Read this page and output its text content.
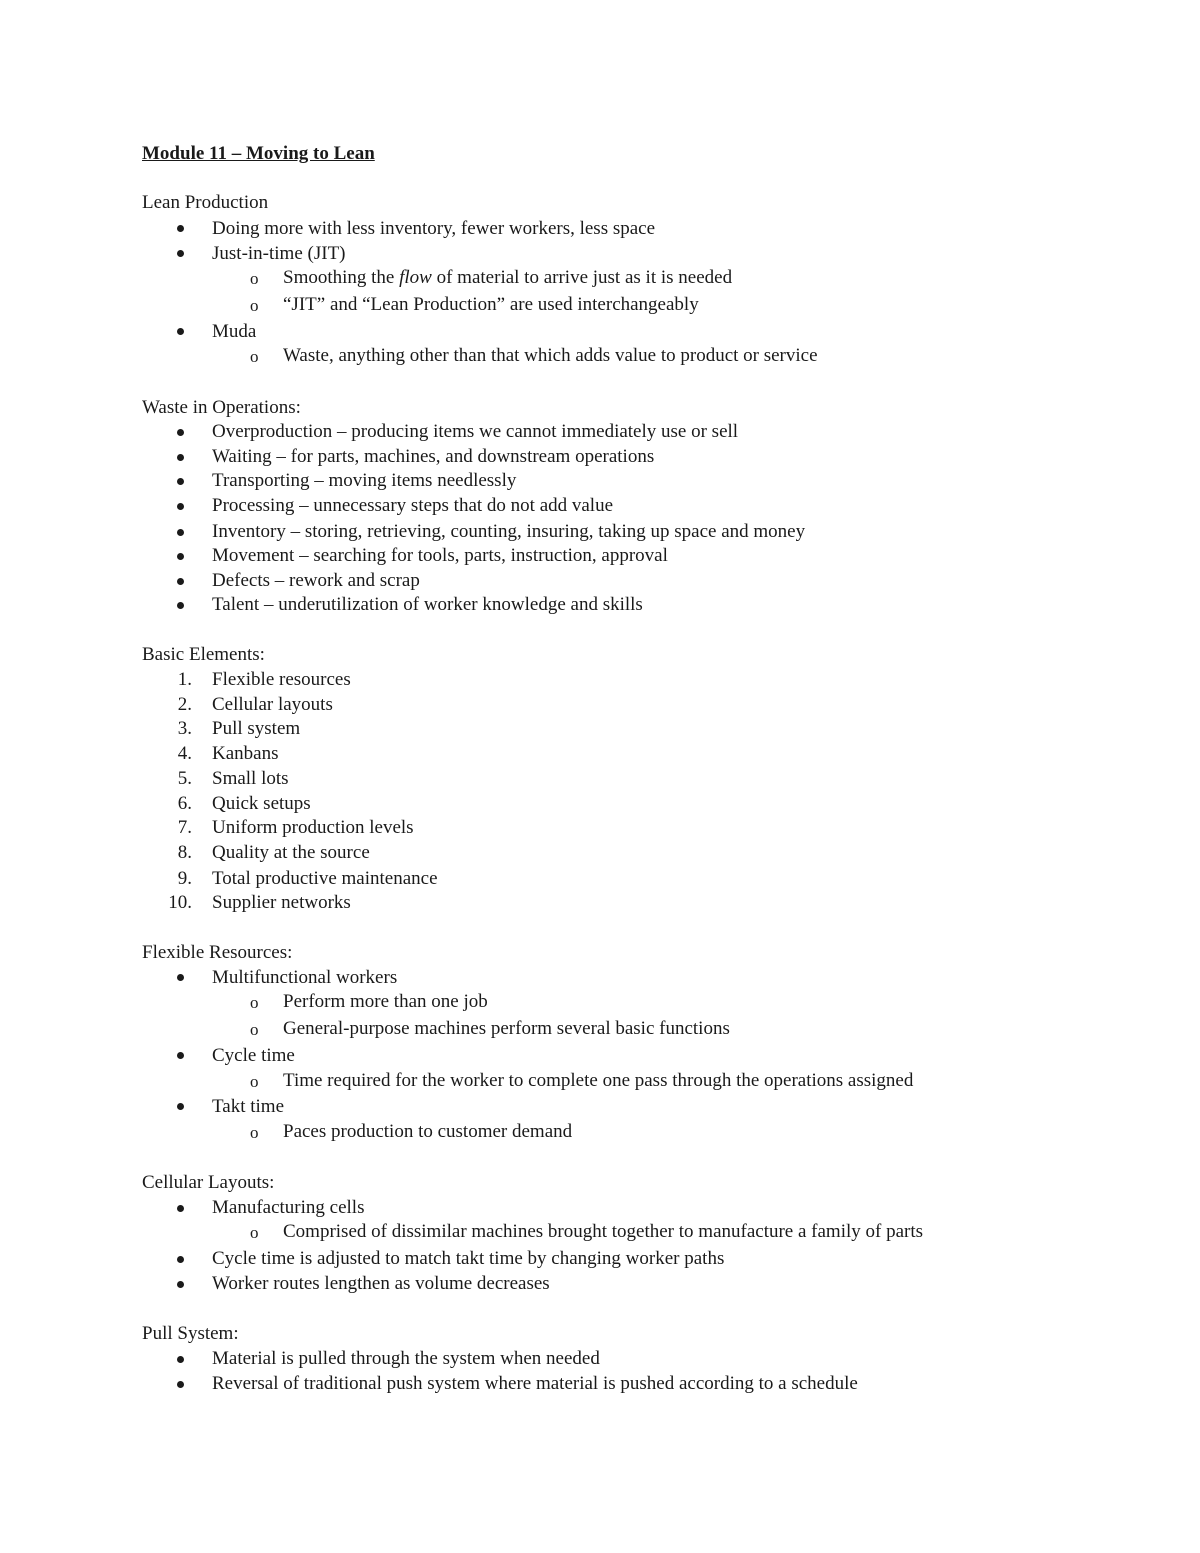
Module 11 – Moving to Lean
Lean Production
Doing more with less inventory, fewer workers, less space
Just-in-time (JIT)
o Smoothing the flow of material to arrive just as it is needed
o “JIT” and “Lean Production” are used interchangeably
Muda
o Waste, anything other than that which adds value to product or service
Waste in Operations:
Overproduction – producing items we cannot immediately use or sell
Waiting – for parts, machines, and downstream operations
Transporting – moving items needlessly
Processing – unnecessary steps that do not add value
Inventory – storing, retrieving, counting, insuring, taking up space and money
Movement – searching for tools, parts, instruction, approval
Defects – rework and scrap
Talent – underutilization of worker knowledge and skills
Basic Elements:
1. Flexible resources
2. Cellular layouts
3. Pull system
4. Kanbans
5. Small lots
6. Quick setups
7. Uniform production levels
8. Quality at the source
9. Total productive maintenance
10. Supplier networks
Flexible Resources:
Multifunctional workers
o Perform more than one job
o General-purpose machines perform several basic functions
Cycle time
o Time required for the worker to complete one pass through the operations assigned
Takt time
o Paces production to customer demand
Cellular Layouts:
Manufacturing cells
o Comprised of dissimilar machines brought together to manufacture a family of parts
Cycle time is adjusted to match takt time by changing worker paths
Worker routes lengthen as volume decreases
Pull System:
Material is pulled through the system when needed
Reversal of traditional push system where material is pushed according to a schedule
